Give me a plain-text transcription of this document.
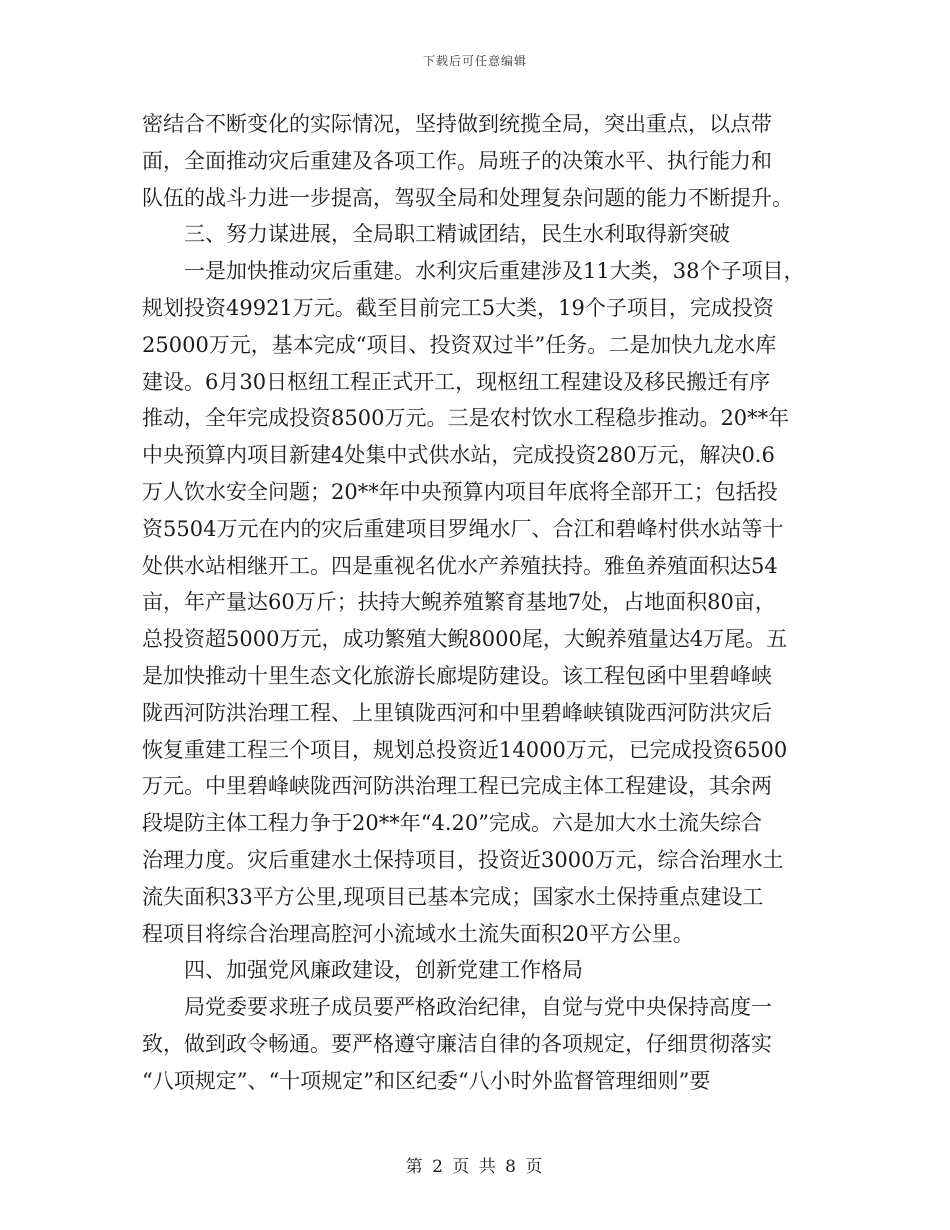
下载后可任意编辑
密结合不断变化的实际情况，坚持做到统揽全局，突出重点，以点带
面，全面推动灾后重建及各项工作。局班子的决策水平、执行能力和
队伍的战斗力进一步提高，驾驭全局和处理复杂问题的能力不断提升。
　　三、努力谋进展，全局职工精诚团结，民生水利取得新突破
　　一是加快推动灾后重建。水利灾后重建涉及11大类，38个子项目，
规划投资49921万元。截至目前完工5大类，19个子项目，完成投资
25000万元，基本完成“项目、投资双过半”任务。二是加快九龙水库
建设。6月30日枢纽工程正式开工，现枢纽工程建设及移民搬迁有序
推动，全年完成投资8500万元。三是农村饮水工程稳步推动。20**年
中央预算内项目新建4处集中式供水站，完成投资280万元，解决0.6
万人饮水安全问题；20**年中央预算内项目年底将全部开工；包括投
资5504万元在内的灾后重建项目罗绳水厂、合江和碧峰村供水站等十
处供水站相继开工。四是重视名优水产养殖扶持。雅鱼养殖面积达54
亩，年产量达60万斤；扶持大鲵养殖繁育基地7处，占地面积80亩，
总投资超5000万元，成功繁殖大鲵8000尾，大鲵养殖量达4万尾。五
是加快推动十里生态文化旅游长廊堤防建设。该工程包函中里碧峰峡
陇西河防洪治理工程、上里镇陇西河和中里碧峰峡镇陇西河防洪灾后
恢复重建工程三个项目，规划总投资近14000万元，已完成投资6500
万元。中里碧峰峡陇西河防洪治理工程已完成主体工程建设，其余两
段堤防主体工程力争于20**年“4.20”完成。六是加大水土流失综合
治理力度。灾后重建水土保持项目，投资近3000万元，综合治理水土
流失面积33平方公里,现项目已基本完成；国家水土保持重点建设工
程项目将综合治理高腔河小流域水土流失面积20平方公里。
　　四、加强党风廉政建设，创新党建工作格局
　　局党委要求班子成员要严格政治纪律，自觉与党中央保持高度一
致，做到政令畅通。要严格遵守廉洁自律的各项规定，仔细贯彻落实
“八项规定”、“十项规定”和区纪委“八小时外监督管理细则”要
第 2 页 共 8 页
